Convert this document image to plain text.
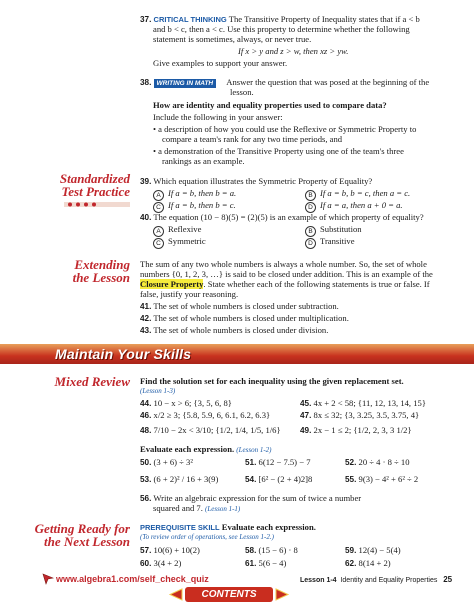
37. CRITICAL THINKING The Transitive Property of Inequality states that if a < b
and b < c, then a < c. Use this property to determine whether the following
statement is sometimes, always, or never true.
If x > y and z > w, then xz > yw.
Give examples to support your answer.
38. WRITING IN MATH Answer the question that was posed at the beginning of the
lesson.
How are identity and equality properties used to compare data?
Include the following in your answer:
• a description of how you could use the Reflexive or Symmetric Property to
compare a team's rank for any two time periods, and
• a demonstration of the Transitive Property using one of the team's three
rankings as an example.
Standardized
Test Practice
39. Which equation illustrates the Symmetric Property of Equality?
A If a = b, then b = a.	B If a = b, b = c, then a = c.
C If a = b, then b = c.	D If a = a, then a + 0 = a.
40. The equation (10 − 8)(5) = (2)(5) is an example of which property of equality?
A Reflexive	B Substitution
C Symmetric	D Transitive
Extending
the Lesson
The sum of any two whole numbers is always a whole number. So, the set of whole
numbers {0, 1, 2, 3, …} is said to be closed under addition. This is an example of the
Closure Property. State whether each of the following statements is true or false. If
false, justify your reasoning.
41. The set of whole numbers is closed under subtraction.
42. The set of whole numbers is closed under multiplication.
43. The set of whole numbers is closed under division.
Maintain Your Skills
Mixed Review Find the solution set for each inequality using the given replacement set.
(Lesson 1-3)
44. 10 − x > 6; {3, 5, 6, 8}	45. 4x + 2 < 58; {11, 12, 13, 14, 15}
46. x/2 ≥ 3; {5.8, 5.9, 6, 6.1, 6.2, 6.3}	47. 8x ≤ 32; {3, 3.25, 3.5, 3.75, 4}
48. 7/10 − 2x < 3/10; {1/2, 1/4, 1/5, 1/6} 49. 2x − 1 ≤ 2; {1/2, 2, 3, 3 1/2}
Evaluate each expression. (Lesson 1-2)
50. (3 + 6) ÷ 3²	51. 6(12 − 7.5) − 7	52. 20 ÷ 4 · 8 ÷ 10
53. (6 + 2)² / 16 + 3(9)	54. [6² − (2 + 4)2]8	55. 9(3) − 4² + 6² ÷ 2
56. Write an algebraic expression for the sum of twice a number
squared and 7. (Lesson 1-1)
Getting Ready for
the Next Lesson
PREREQUISITE SKILL Evaluate each expression.
(To review order of operations, see Lesson 1-2.)
57. 10(6) + 10(2)	58. (15 − 6) · 8	59. 12(4) − 5(4)
60. 3(4 + 2)	61. 5(6 − 4)	62. 8(14 + 2)
www.algebra1.com/self_check_quiz	Lesson 1-4 Identity and Equality Properties 25
CONTENTS
